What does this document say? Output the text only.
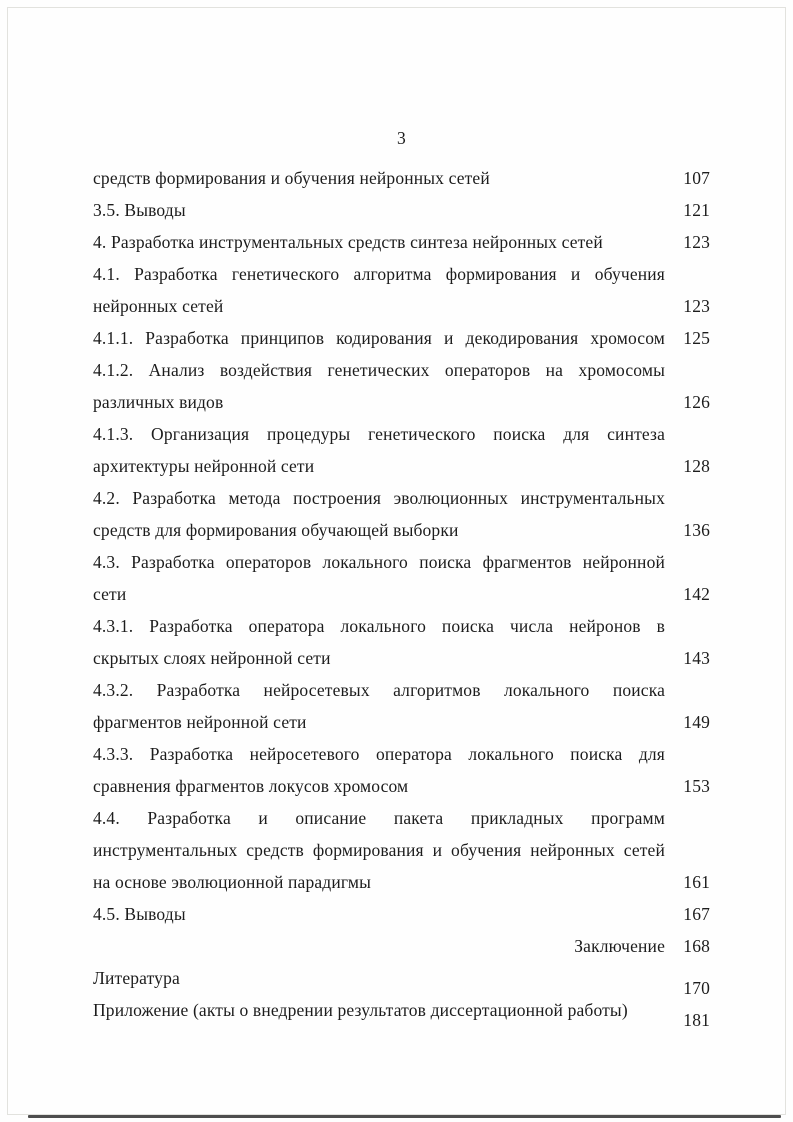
3
средств формирования и обучения нейронных сетей	107
3.5. Выводы	121
4. Разработка инструментальных средств синтеза нейронных сетей	123
4.1. Разработка генетического алгоритма формирования и обучения
нейронных сетей	123
4.1.1. Разработка принципов кодирования и декодирования хромосом	125
4.1.2. Анализ воздействия генетических операторов на хромосомы
различных видов	126
4.1.3. Организация процедуры генетического поиска для синтеза
архитектуры нейронной сети	128
4.2. Разработка метода построения эволюционных инструментальных
средств для формирования обучающей выборки	136
4.3. Разработка операторов локального поиска фрагментов нейронной
сети	142
4.3.1. Разработка оператора локального поиска числа нейронов в
скрытых слоях нейронной сети	143
4.3.2. Разработка нейросетевых алгоритмов локального поиска
фрагментов нейронной сети	149
4.3.3. Разработка нейросетевого оператора локального поиска для
сравнения фрагментов локусов хромосом	153
4.4. Разработка и описание пакета прикладных программ
инструментальных средств формирования и обучения нейронных сетей
на основе эволюционной парадигмы	161
4.5. Выводы	167
Заключение	168
Литература	170
Приложение (акты о внедрении результатов диссертационной работы)	181
